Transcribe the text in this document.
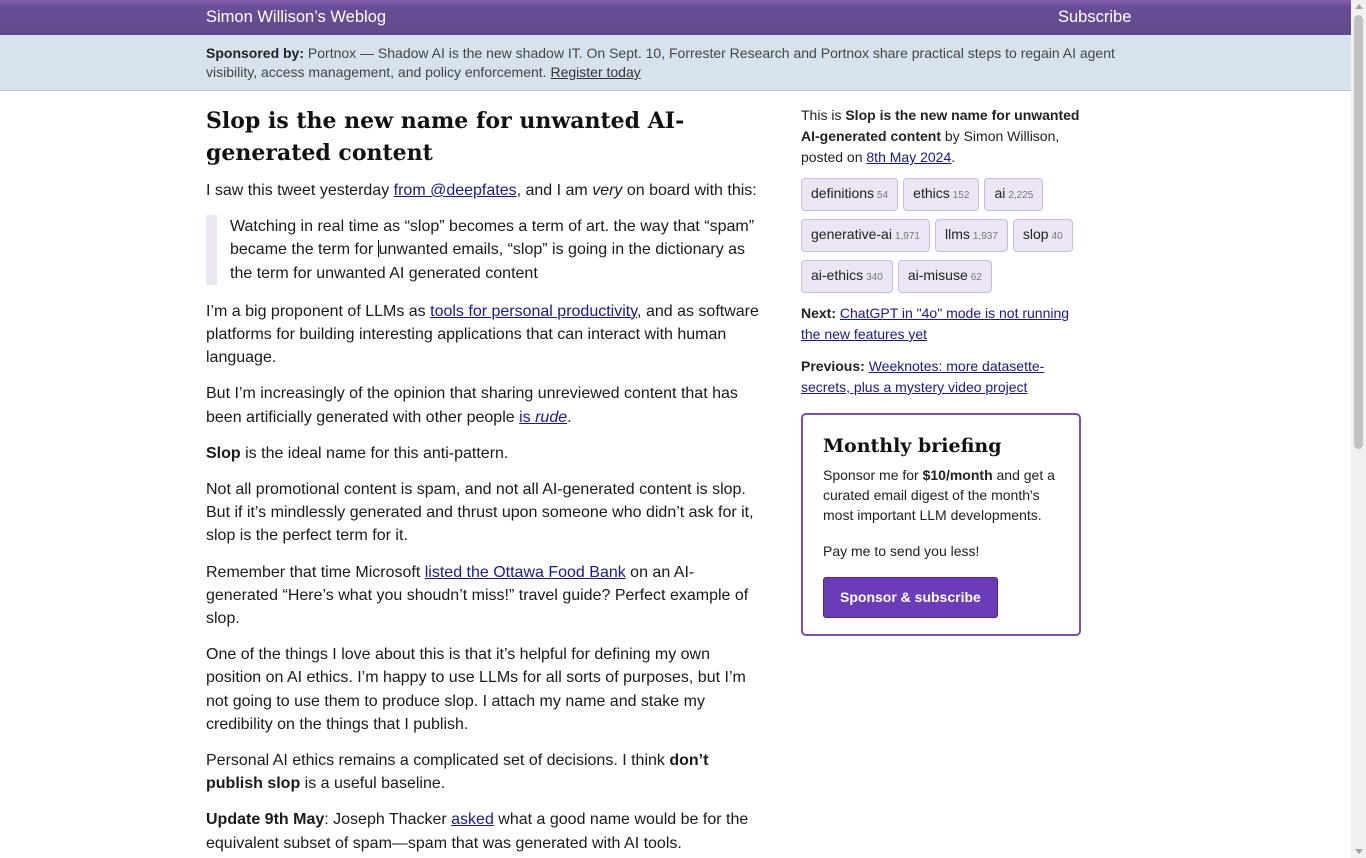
Simon Willison’s Weblog	Subscribe
Sponsored by: Portnox — Shadow AI is the new shadow IT. On Sept. 10, Forrester Research and Portnox share practical steps to regain AI agent visibility, access management, and policy enforcement. Register today
Slop is the new name for unwanted AI-generated content

I saw this tweet yesterday from @deepfates, and I am very on board with this:

Watching in real time as “slop” becomes a term of art. the way that “spam” became the term for unwanted emails, “slop” is going in the dictionary as the term for unwanted AI generated content

I’m a big proponent of LLMs as tools for personal productivity, and as software platforms for building interesting applications that can interact with human language.

But I’m increasingly of the opinion that sharing unreviewed content that has been artificially generated with other people is rude.

Slop is the ideal name for this anti-pattern.

Not all promotional content is spam, and not all AI-generated content is slop. But if it’s mindlessly generated and thrust upon someone who didn’t ask for it, slop is the perfect term for it.

Remember that time Microsoft listed the Ottawa Food Bank on an AI-generated “Here’s what you shoudn’t miss!” travel guide? Perfect example of slop.

One of the things I love about this is that it’s helpful for defining my own position on AI ethics. I’m happy to use LLMs for all sorts of purposes, but I’m not going to use them to produce slop. I attach my name and stake my credibility on the things that I publish.

Personal AI ethics remains a complicated set of decisions. I think don’t publish slop is a useful baseline.

Update 9th May: Joseph Thacker asked what a good name would be for the equivalent subset of spam—spam that was generated with AI tools.

This is Slop is the new name for unwanted AI-generated content by Simon Willison, posted on 8th May 2024.
definitions 54 ethics 152 ai 2,225generative-ai 1,971 llms 1,937 slop 40ai-ethics 340 ai-misuse 62
Next: ChatGPT in "4o" mode is not running the new features yet
Previous: Weeknotes: more datasette-secrets, plus a mystery video project
Monthly briefing

Sponsor me for $10/month and get a curated email digest of the month's most important LLM developments.

Pay me to send you less!

Sponsor & subscribe
